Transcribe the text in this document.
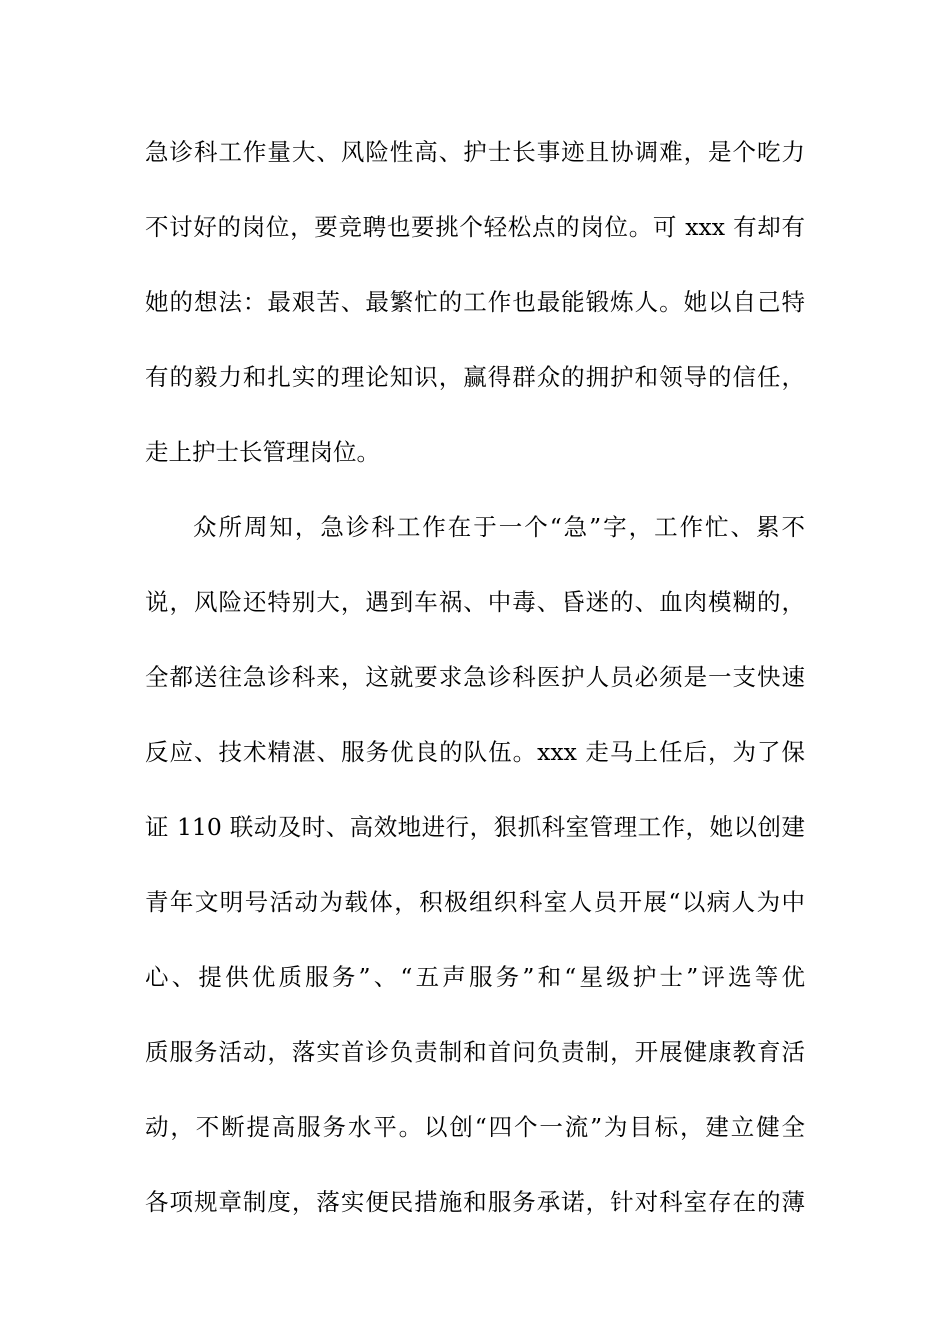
急诊科工作量大、风险性高、护士长事迹且协调难，是个吃力
不讨好的岗位，要竞聘也要挑个轻松点的岗位。可 xxx 有却有
她的想法：最艰苦、最繁忙的工作也最能锻炼人。她以自己特
有的毅力和扎实的理论知识，赢得群众的拥护和领导的信任，
走上护士长管理岗位。
众所周知，急诊科工作在于一个“急”字，工作忙、累不
说，风险还特别大，遇到车祸、中毒、昏迷的、血肉模糊的，
全都送往急诊科来，这就要求急诊科医护人员必须是一支快速
反应、技术精湛、服务优良的队伍。xxx 走马上任后，为了保
证 110 联动及时、高效地进行，狠抓科室管理工作，她以创建
青年文明号活动为载体，积极组织科室人员开展“以病人为中
心、提供优质服务”、“五声服务”和“星级护士”评选等优
质服务活动，落实首诊负责制和首问负责制，开展健康教育活
动，不断提高服务水平。以创“四个一流”为目标，建立健全
各项规章制度，落实便民措施和服务承诺，针对科室存在的薄
